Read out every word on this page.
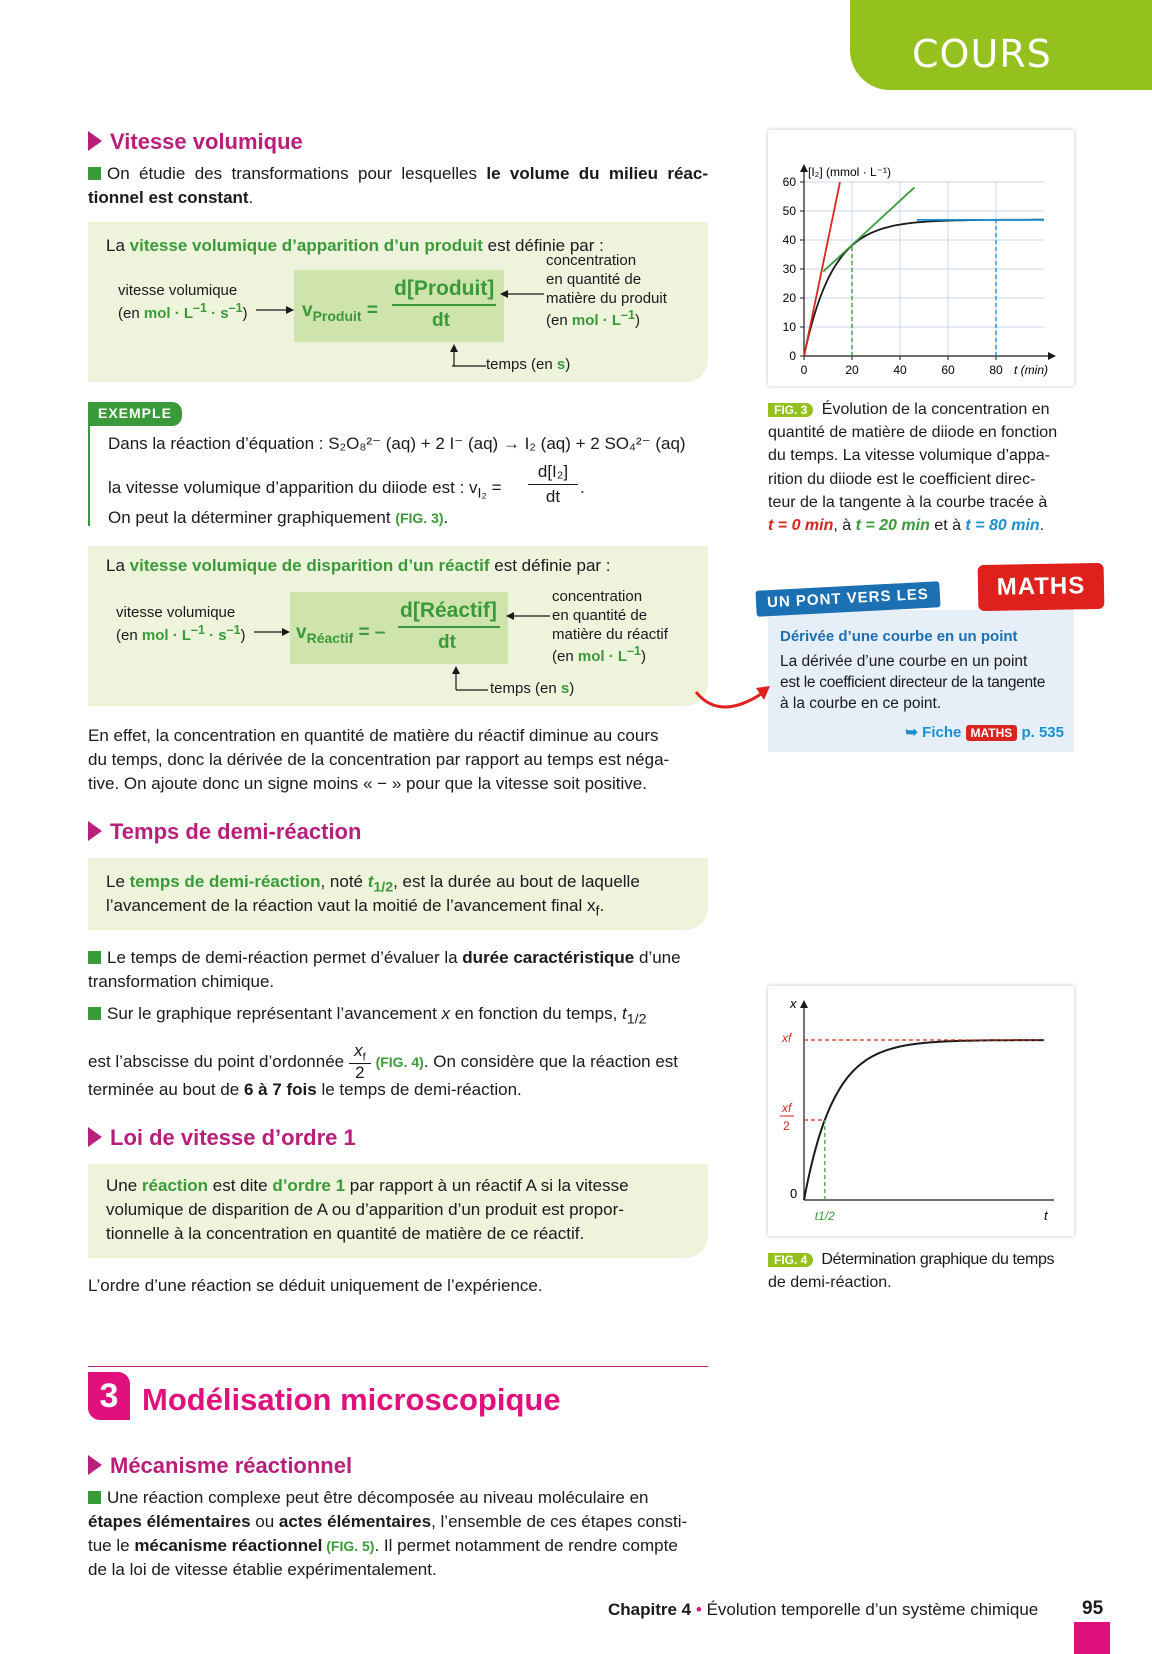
COURS
Vitesse volumique
On étudie des transformations pour lesquelles le volume du milieu réac-tionnel est constant.
La vitesse volumique d’apparition d’un produit est définie par :
vitesse volumique
(en mol · $L^{-1} \cdot s^{-1}$)	$v_{Produit}$ =
d[Produit]
dt
concentration
en quantité de
matière du produit
(en mol · $L^{-1}$)
temps (en s)
EXEMPLE
Dans la réaction d’équation : S₂O₈²⁻ (aq) + 2 I⁻ (aq) → I₂ (aq) + 2 SO₄²⁻ (aq)
la vitesse volumique d’apparition du diiode est : $v_{I_2}$ =
d[I₂]
dt	.
On peut la déterminer graphiquement (FIG. 3).
La vitesse volumique de disparition d’un réactif est définie par :
vitesse volumique
(en mol · $L^{-1} \cdot s^{-1}$)	$v_{Réactif}$ = –
d[Réactif]
dt
concentration
en quantité de
matière du réactif
(en mol · $L^{-1}$)
temps (en s)
En effet, la concentration en quantité de matière du réactif diminue au cours
du temps, donc la dérivée de la concentration par rapport au temps est néga-
tive. On ajoute donc un signe moins « − » pour que la vitesse soit positive.
Temps de demi-réaction
Le temps de demi-réaction, noté $t_{1/2}$, est la durée au bout de laquelle
l’avancement de la réaction vaut la moitié de l’avancement final $x_f$.
Le temps de demi-réaction permet d’évaluer la durée caractéristique d’une
transformation chimique.
Sur le graphique représentant l’avancement x en fonction du temps, $t_{1/2}$
est l’abscisse du point d’ordonnée $\frac{x_f}{2} (FIG$. 4). On considère que la réaction est
terminée au bout de 6 à 7 fois le temps de demi-réaction.
Loi de vitesse d’ordre 1
Une réaction est dite d’ordre 1 par rapport à un réactif A si la vitesse
volumique de disparition de A ou d’apparition d’un produit est propor-
tionnelle à la concentration en quantité de matière de ce réactif.
L’ordre d’une réaction se déduit uniquement de l’expérience.
3 Modélisation microscopique
Mécanisme réactionnel
Une réaction complexe peut être décomposée au niveau moléculaire en
étapes élémentaires ou actes élémentaires, l’ensemble de ces étapes consti-
tue le mécanisme réactionnel (FIG. 5). Il permet notamment de rendre compte
de la loi de vitesse établie expérimentalement.
0
10
20
30
40
50
60
0	20	40	60	80 t (min)
[I₂] (mmol · L⁻¹)
FIG. 3 Évolution de la concentration en
quantité de matière de diiode en fonction
du temps. La vitesse volumique d’appa-
rition du diiode est le coefficient direc-
teur de la tangente à la courbe tracée à
t = 0 min, à t = 20 min et à t = 80 min.
Dérivée d’une courbe en un point
La dérivée d’une courbe en un point
est le coefficient directeur de la tangente
à la courbe en ce point.
➥ Fiche MATHS p. 535
UN PONT VERS LES	MATHS
x
t
0
xf
xf
2
t1/2
FIG. 4 Détermination graphique du temps
de demi-réaction.
Chapitre 4 • Évolution temporelle d’un système chimique 95
